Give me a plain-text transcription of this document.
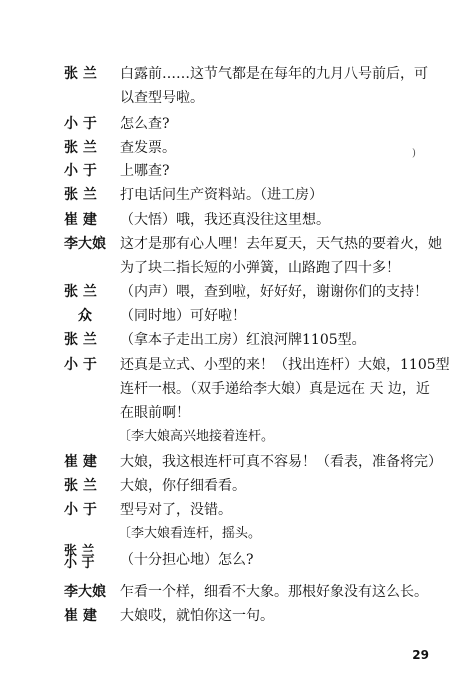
张 兰	白露前……这节气都是在每年的九月八号前后，可
以查型号啦。
小 于	怎么查?
张 兰	查发票。
小 于	上哪查?
张 兰	打电话问生产资料站。（进工房）
崔 建	（大悟）哦，我还真没往这里想。
李大娘	这才是那有心人哩！去年夏天，天气热的要着火，她
为了块二指长短的小弹簧，山路跑了四十多！
张 兰	（内声）喂，查到啦，好好好，谢谢你们的支持！
众	（同时地）可好啦！
张 兰	（拿本子走出工房）红浪河牌1105型。
小 于	还真是立式、小型的来！（找出连杆）大娘，1105型
连杆一根。（双手递给李大娘）真是远在 天 边，近
在眼前啊！
〔李大娘高兴地接着连杆。
崔 建	大娘，我这根连杆可真不容易！（看表，准备将完）
张 兰	大娘，你仔细看看。
小 于	型号对了，没错。
〔李大娘看连杆，摇头。
张 兰
小 于	（十分担心地）怎么?
李大娘	乍看一个样，细看不大象。那根好象没有这么长。
崔 建	大娘哎，就怕你这一句。
)
29
